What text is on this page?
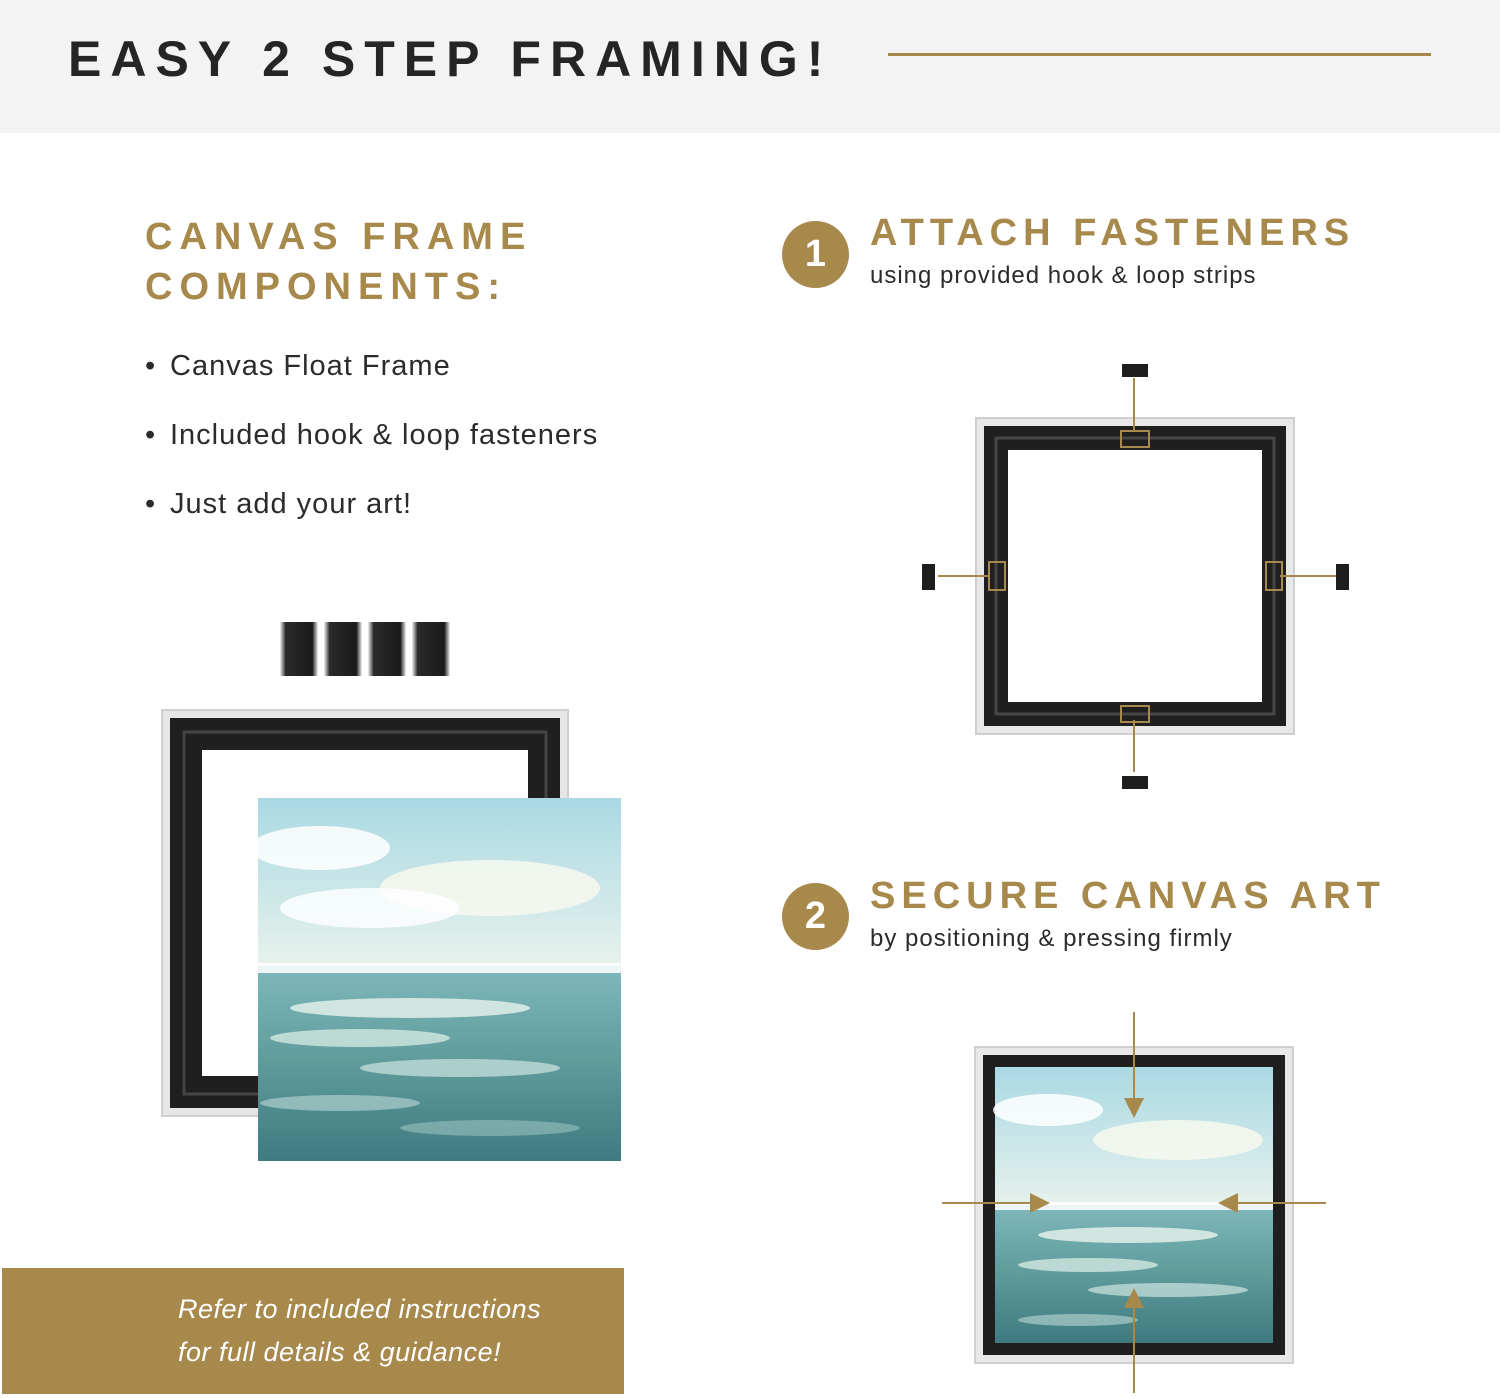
EASY 2 STEP FRAMING!
CANVAS FRAME
COMPONENTS:
• Canvas Float Frame
• Included hook & loop fasteners
• Just add your art!
1	ATTACH FASTENERS
using provided hook & loop strips
2	SECURE CANVAS ART
by positioning & pressing firmly
Refer to included instructions
for full details & guidance!
